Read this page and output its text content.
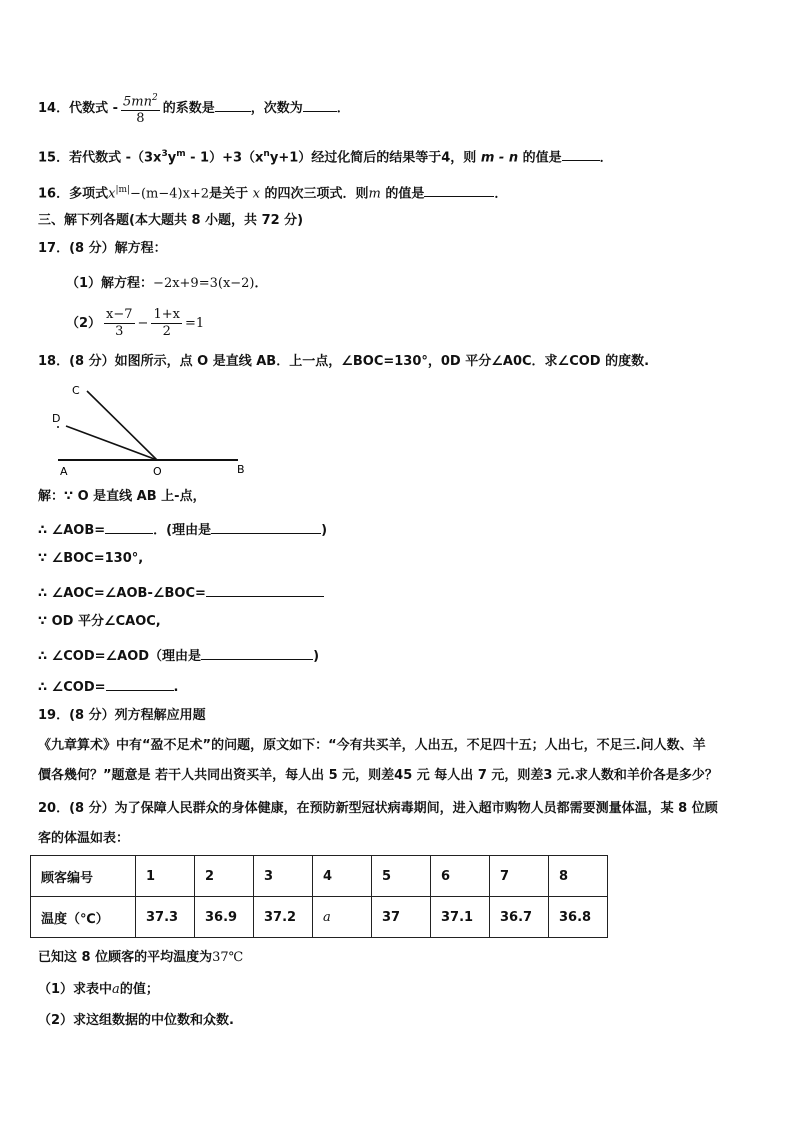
14．代数式 - $\frac{5mn^2}{8}$ 的系数是	，次数为	．
15．若代数式 $-(3x^3y^m - 1)+3(x^ny+1)$经过化简后的结果等于4，则 m - n 的值是	．
16．多项式$x^{|m|}-(m-4)x+2$是关于 x 的四次三项式．则m 的值是	．
三、解下列各题(本大题共 8 小题，共 72 分)
17．(8 分）解方程：
（1）解方程：−2x+9=3(x−2)．
$(2) \frac{x-7}{3} - \frac{1+x}{2} =1$
18．(8 分）如图所示，点 O 是直线 AB．上一点，∠BOC=130°，0D 平分∠A0C．求∠COD 的度数.
C
D
A	O	B
解：∵ O 是直线 AB 上-点，
∴ ∠AOB=	．(理由是	)
∵ ∠BOC=130°,
∴ ∠AOC=∠AOB-∠BOC=
∵ OD 平分∠CAOC,
∴ ∠COD=∠AOD（理由是	)
∴ ∠COD=	.
19．(8 分）列方程解应用题
《九章算术》中有“盈不足术”的问题，原文如下：“今有共买羊，人出五，不足四十五；人出七，不足三.问人数、羊
價各幾何？”题意是 若干人共同出资买羊，每人出 5 元，则差45 元 每人出 7 元，则差3 元.求人数和羊价各是多少？
20．(8 分）为了保障人民群众的身体健康，在预防新型冠状病毒期间，进入超市购物人员都需要测量体温，某 8 位顾
客的体温如表：
顾客编号	1	2	3	4	5	6	7	8
温度（℃）	37.3	36.9	37.2	a	37	37.1	36.7	36.8
已知这 8 位顾客的平均温度为37℃
（1）求表中a的值；
（2）求这组数据的中位数和众数.
